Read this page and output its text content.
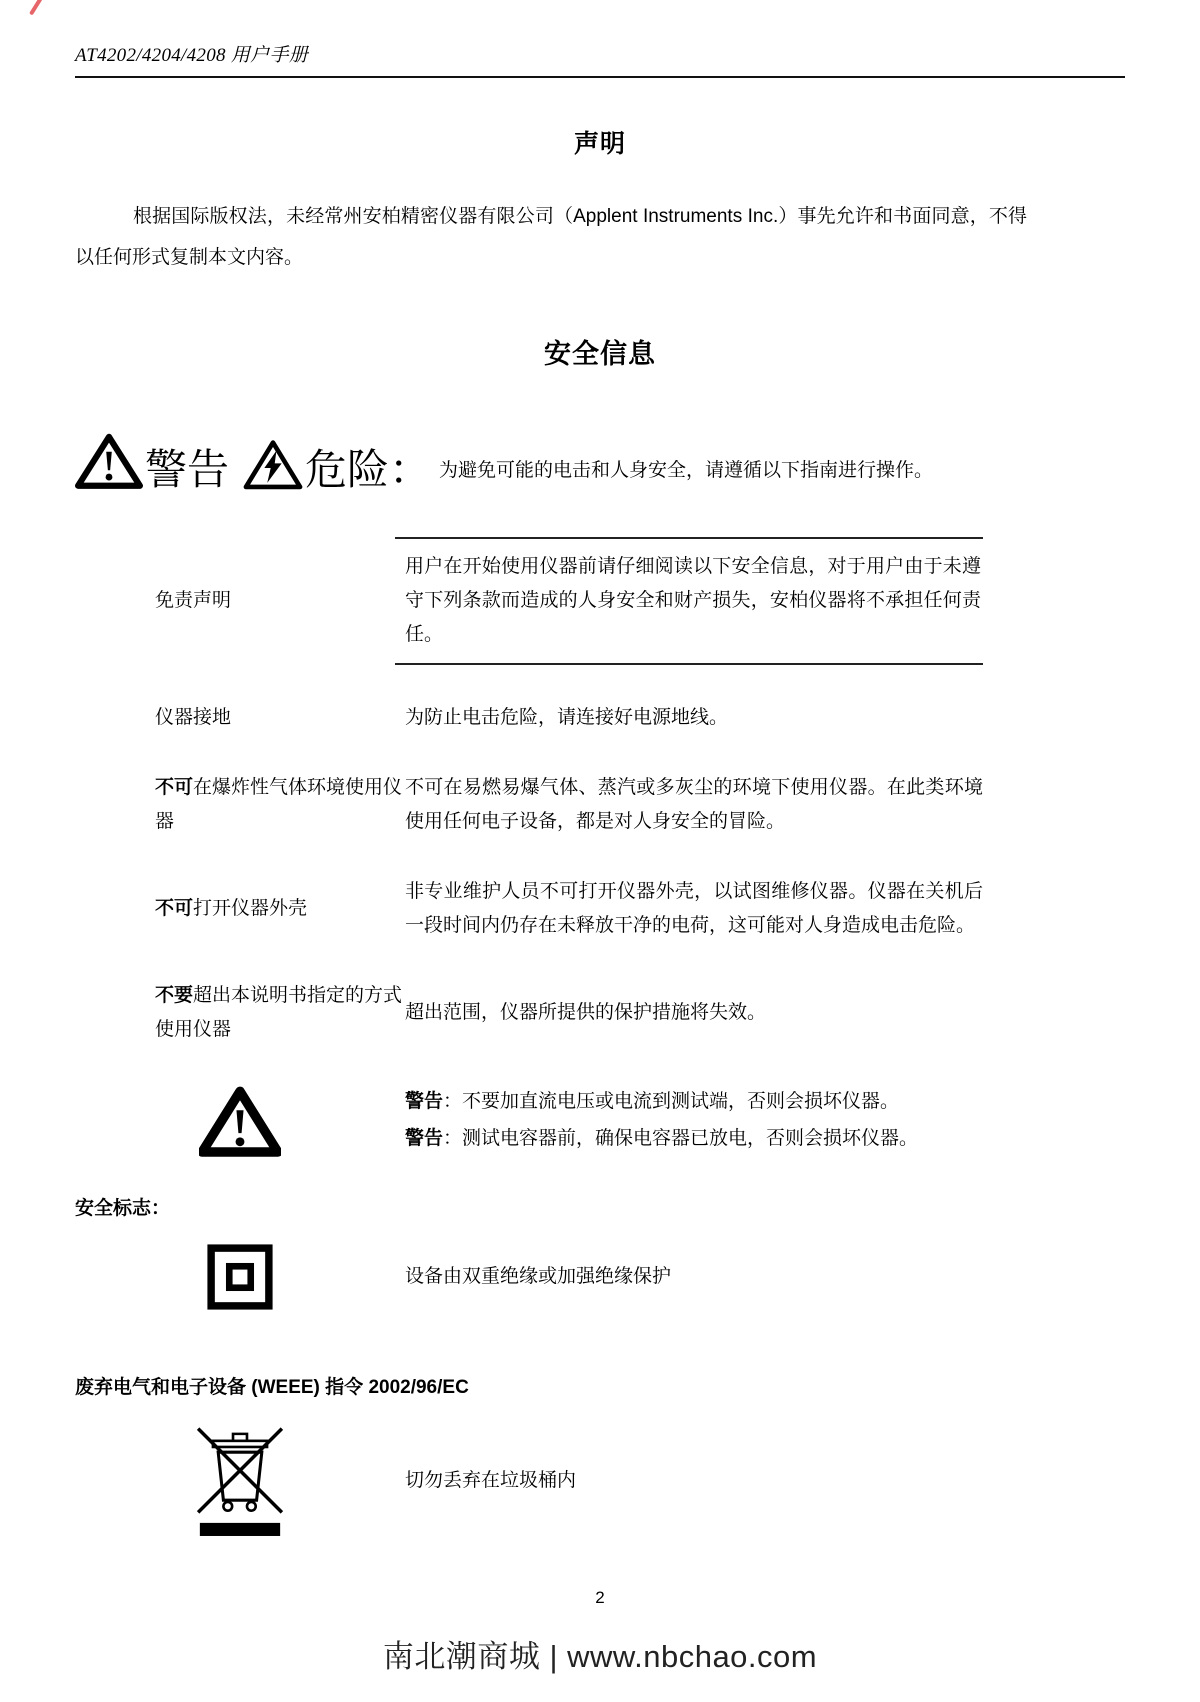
AT4202/4204/4208 用户手册
声明

根据国际版权法，未经常州安柏精密仪器有限公司（Applent Instruments Inc.）事先允许和书面同意，不得以任何形式复制本文内容。

安全信息
警告 危险 ： 为避免可能的电击和人身安全，请遵循以下指南进行操作。
免责声明
用户在开始使用仪器前请仔细阅读以下安全信息，对于用户由于未遵守下列条款而造成的人身安全和财产损失，安柏仪器将不承担任何责任。
仪器接地	为防止电击危险，请连接好电源地线。
不可在爆炸性气体环境使用仪器
不可在易燃易爆气体、蒸汽或多灰尘的环境下使用仪器。在此类环境使用任何电子设备，都是对人身安全的冒险。
不可打开仪器外壳
非专业维护人员不可打开仪器外壳，以试图维修仪器。仪器在关机后一段时间内仍存在未释放干净的电荷，这可能对人身造成电击危险。
不要超出本说明书指定的方式使用仪器
超出范围，仪器所提供的保护措施将失效。
警告：不要加直流电压或电流到测试端，否则会损坏仪器。
警告：测试电容器前，确保电容器已放电，否则会损坏仪器。
安全标志：
设备由双重绝缘或加强绝缘保护
废弃电气和电子设备 (WEEE) 指令 2002/96/EC
切勿丢弃在垃圾桶内
2
南北潮商城 | www.nbchao.com
